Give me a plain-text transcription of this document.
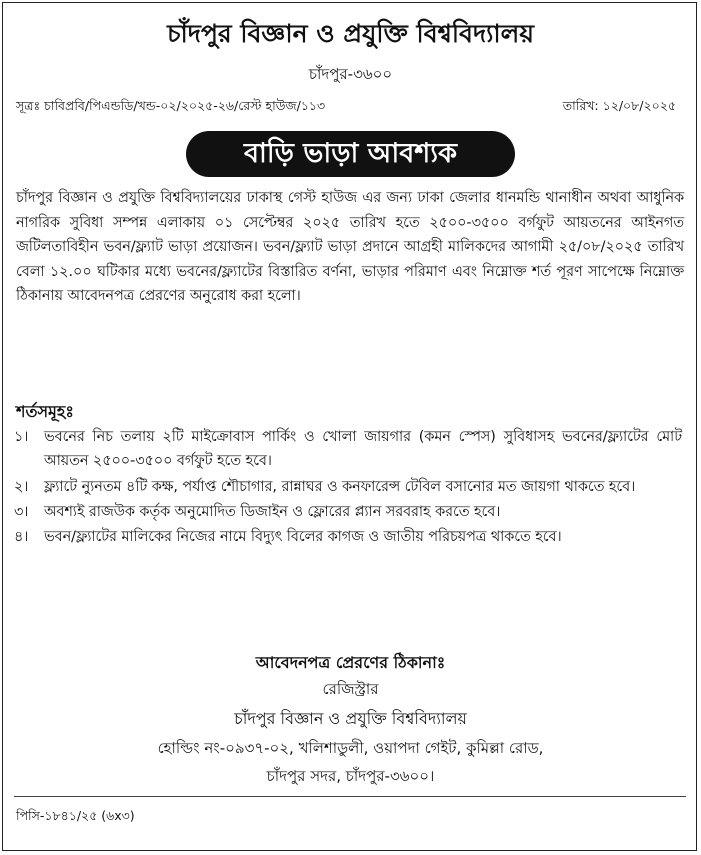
চাঁদপুর বিজ্ঞান ও প্রযুক্তি বিশ্ববিদ্যালয়
চাঁদপুর-৩৬০০
সূত্রঃ চাবিপ্রবি/পিএন্ডডি/খন্ড-০২/২০২৫-২৬/রেস্ট হাউজ/১১৩	তারিখ: ১২/০৮/২০২৫
বাড়ি ভাড়া আবশ্যক
চাঁদপুর বিজ্ঞান ও প্রযুক্তি বিশ্ববিদ্যালয়ের ঢাকাস্থ গেস্ট হাউজ এর জন্য ঢাকা জেলার ধানমন্ডি থানাধীন অথবা আধুনিক নাগরিক সুবিধা সম্পন্ন এলাকায় ০১ সেপ্টেম্বর ২০২৫ তারিখ হতে ২৫০০-৩৫০০ বর্গফুট আয়তনের আইনগত জটিলতাবিহীন ভবন/ফ্ল্যাট ভাড়া প্রয়োজন। ভবন/ফ্ল্যাট ভাড়া প্রদানে আগ্রহী মালিকদের আগামী ২৫/০৮/২০২৫ তারিখ বেলা ১২.০০ ঘটিকার মধ্যে ভবনের/ফ্ল্যাটের বিস্তারিত বর্ণনা, ভাড়ার পরিমাণ এবং নিম্নোক্ত শর্ত পূরণ সাপেক্ষে নিম্নোক্ত ঠিকানায় আবেদনপত্র প্রেরণের অনুরোধ করা হলো।
শর্তসমূহঃ
১।	ভবনের নিচ তলায় ২টি মাইক্রোবাস পার্কিং ও খোলা জায়গার (কমন স্পেস) সুবিধাসহ ভবনের/ফ্ল্যাটের মোট আয়তন ২৫০০-৩৫০০ বর্গফুট হতে হবে।
২।	ফ্ল্যাটে ন্যুনতম ৪টি কক্ষ, পর্যাপ্ত শৌচাগার, রান্নাঘর ও কনফারেন্স টেবিল বসানোর মত জায়গা থাকতে হবে।
৩।	অবশ্যই রাজউক কর্তৃক অনুমোদিত ডিজাইন ও ফ্লোরের প্ল্যান সরবরাহ করতে হবে।
৪।	ভবন/ফ্ল্যাটের মালিকের নিজের নামে বিদ্যুৎ বিলের কাগজ ও জাতীয় পরিচয়পত্র থাকতে হবে।
আবেদনপত্র প্রেরণের ঠিকানাঃ
রেজিস্ট্রার
চাঁদপুর বিজ্ঞান ও প্রযুক্তি বিশ্ববিদ্যালয়
হোল্ডিং নং-০৯৩৭-০২, খলিশাডুলী, ওয়াপদা গেইট, কুমিল্লা রোড,
চাঁদপুর সদর, চাঁদপুর-৩৬০০।
পিসি-১৮৪১/২৫ (৬x৩)
